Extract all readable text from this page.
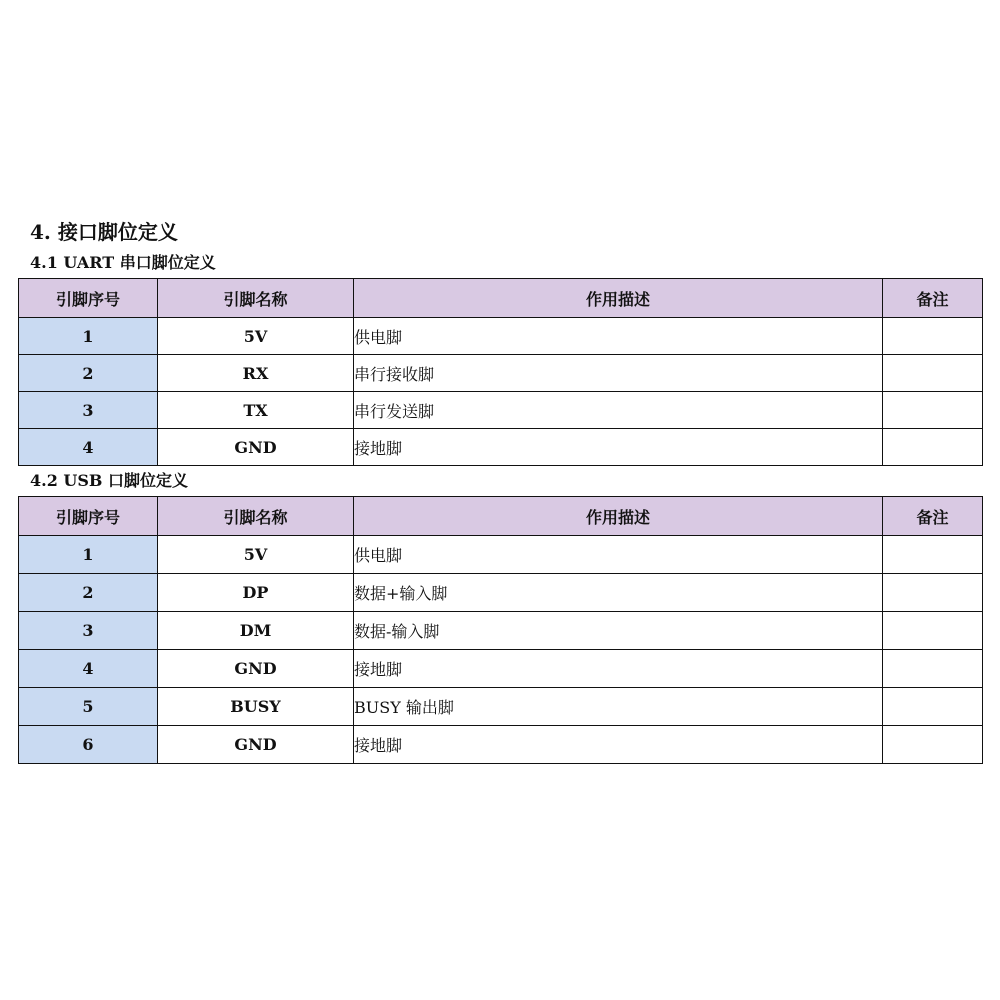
4. 接口脚位定义
4.1 UART 串口脚位定义
引脚序号	引脚名称	作用描述	备注
1	5V	供电脚	
2	RX	串行接收脚	
3	TX	串行发送脚	
4	GND	接地脚	
4.2 USB 口脚位定义
引脚序号	引脚名称	作用描述	备注
1	5V	供电脚	
2	DP	数据+输入脚	
3	DM	数据-输入脚	
4	GND	接地脚	
5	BUSY	BUSY 输出脚	
6	GND	接地脚	
